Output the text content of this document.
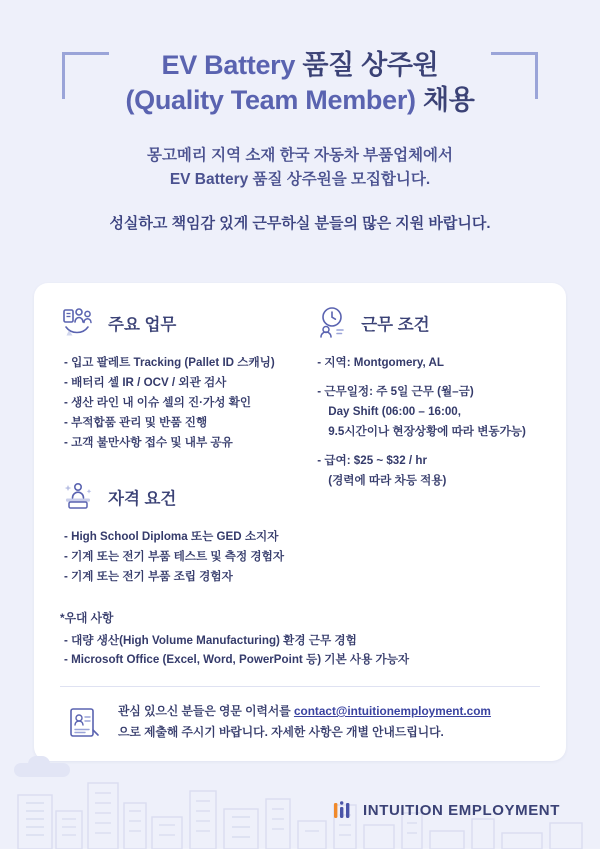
EV Battery 품질 상주원
(Quality Team Member) 채용
몽고메리 지역 소재 한국 자동차 부품업체에서
EV Battery 품질 상주원을 모집합니다.
성실하고 책임감 있게 근무하실 분들의 많은 지원 바랍니다.
주요 업무
- 입고 팔레트 Tracking (Pallet ID 스캐닝)
- 배터리 셀 IR / OCV / 외관 검사
- 생산 라인 내 이슈 셀의 진·가성 확인
- 부적합품 관리 및 반품 진행
- 고객 불만사항 접수 및 내부 공유
자격 요건
- High School Diploma 또는 GED 소지자
- 기계 또는 전기 부품 테스트 및 측정 경험자
- 기계 또는 전기 부품 조립 경험자
근무 조건
- 지역: Montgomery, AL
- 근무일정: 주 5일 근무 (월–금)
Day Shift (06:00 – 16:00,
9.5시간이나 현장상황에 따라 변동가능)
- 급여: $25 ~ $32 / hr
(경력에 따라 차등 적용)
*우대 사항
- 대량 생산(High Volume Manufacturing) 환경 근무 경험
- Microsoft Office (Excel, Word, PowerPoint 등) 기본 사용 가능자
관심 있으신 분들은 영문 이력서를 contact@intuitionemployment.com
으로 제출해 주시기 바랍니다. 자세한 사항은 개별 안내드립니다.
INTUITION EMPLOYMENT
